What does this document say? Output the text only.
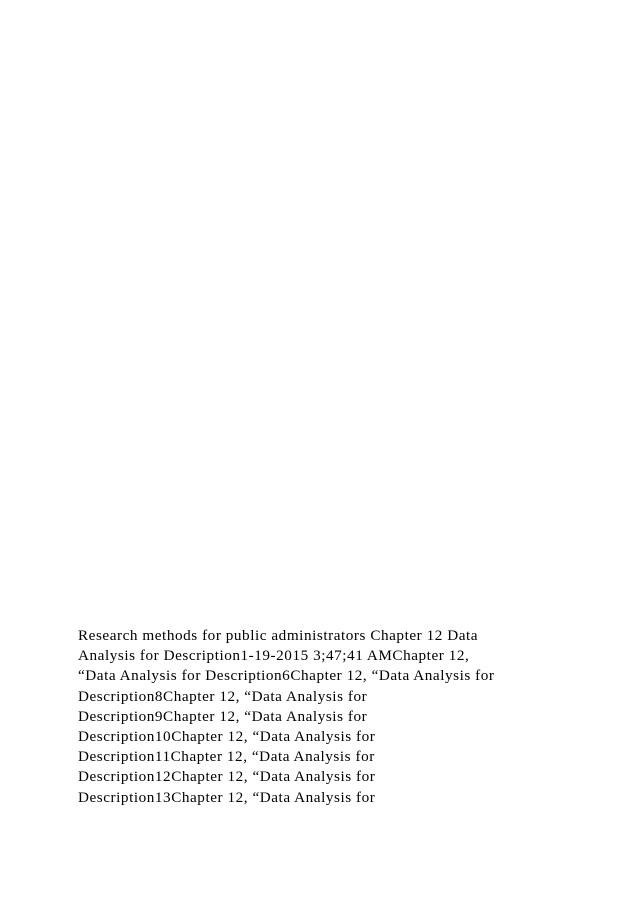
Research methods for public administrators Chapter 12 Data
Analysis for Description1-19-2015 3;47;41 AMChapter 12,
“Data Analysis for Description6Chapter 12, “Data Analysis for
Description8Chapter 12, “Data Analysis for
Description9Chapter 12, “Data Analysis for
Description10Chapter 12, “Data Analysis for
Description11Chapter 12, “Data Analysis for
Description12Chapter 12, “Data Analysis for
Description13Chapter 12, “Data Analysis for
